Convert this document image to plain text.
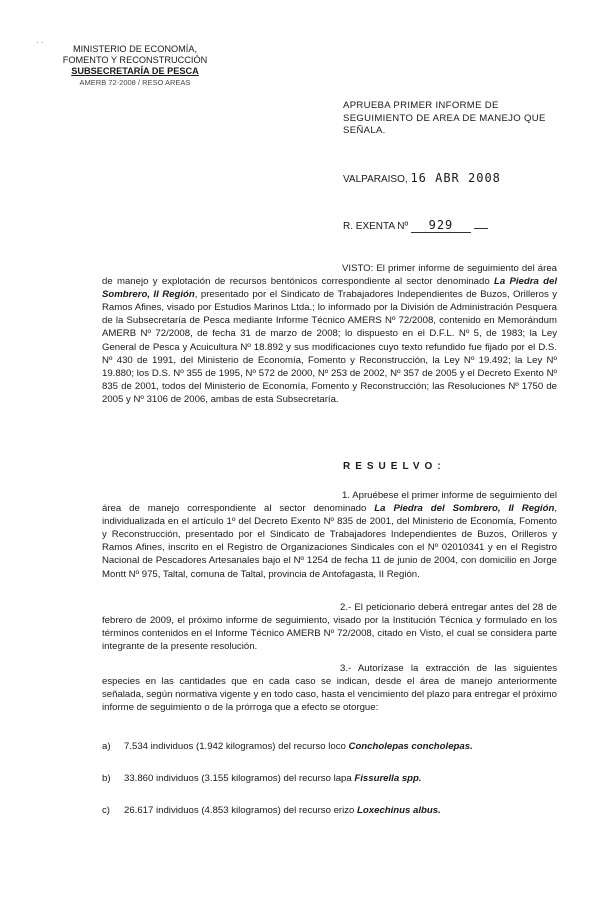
· ·
MINISTERIO DE ECONOMÍA,
FOMENTO Y RECONSTRUCCIÓN
SUBSECRETARÍA DE PESCA
AMERB 72-2008 / RESO AREAS
APRUEBA PRIMER INFORME DE SEGUIMIENTO DE AREA DE MANEJO QUE SEÑALA.
VALPARAISO, 16 ABR 2008
R. EXENTA Nº 929
VISTO: El primer informe de seguimiento del área de manejo y explotación de recursos bentónicos correspondiente al sector denominado La Piedra del Sombrero, II Región, presentado por el Sindicato de Trabajadores Independientes de Buzos, Orilleros y Ramos Afines, visado por Estudios Marinos Ltda.; lo informado por la División de Administración Pesquera de la Subsecretaría de Pesca mediante Informe Técnico AMERS Nº 72/2008, contenido en Memorándum AMERB Nº 72/2008, de fecha 31 de marzo de 2008; lo dispuesto en el D.F.L. Nº 5, de 1983; la Ley General de Pesca y Acuicultura Nº 18.892 y sus modificaciones cuyo texto refundido fue fijado por el D.S. Nº 430 de 1991, del Ministerio de Economía, Fomento y Reconstrucción, la Ley Nº 19.492; la Ley Nº 19.880; los D.S. Nº 355 de 1995, Nº 572 de 2000, Nº 253 de 2002, Nº 357 de 2005 y el Decreto Exento Nº 835 de 2001, todos del Ministerio de Economía, Fomento y Reconstrucción; las Resoluciones Nº 1750 de 2005 y Nº 3106 de 2006, ambas de esta Subsecretaría.
RESUELVO:
1. Apruébese el primer informe de seguimiento del área de manejo correspondiente al sector denominado La Piedra del Sombrero, II Región, individualizada en el artículo 1º del Decreto Exento Nº 835 de 2001, del Ministerio de Economía, Fomento y Reconstrucción, presentado por el Sindicato de Trabajadores Independientes de Buzos, Orilleros y Ramos Afines, inscrito en el Registro de Organizaciones Sindicales con el Nº 02010341 y en el Registro Nacional de Pescadores Artesanales bajo el Nº 1254 de fecha 11 de junio de 2004, con domicilio en Jorge Montt Nº 975, Taltal, comuna de Taltal, provincia de Antofagasta, II Región.
2.- El peticionario deberá entregar antes del 28 de febrero de 2009, el próximo informe de seguimiento, visado por la Institución Técnica y formulado en los términos contenidos en el Informe Técnico AMERB Nº 72/2008, citado en Visto, el cual se considera parte integrante de la presente resolución.
3.- Autorízase la extracción de las siguientes especies en las cantidades que en cada caso se indican, desde el área de manejo anteriormente señalada, según normativa vigente y en todo caso, hasta el vencimiento del plazo para entregar el próximo informe de seguimiento o de la prórroga que a efecto se otorgue:
a) 7.534 individuos (1.942 kilogramos) del recurso loco Concholepas concholepas.
b) 33.860 individuos (3.155 kilogramos) del recurso lapa Fissurella spp.
c) 26.617 individuos (4.853 kilogramos) del recurso erizo Loxechinus albus.
